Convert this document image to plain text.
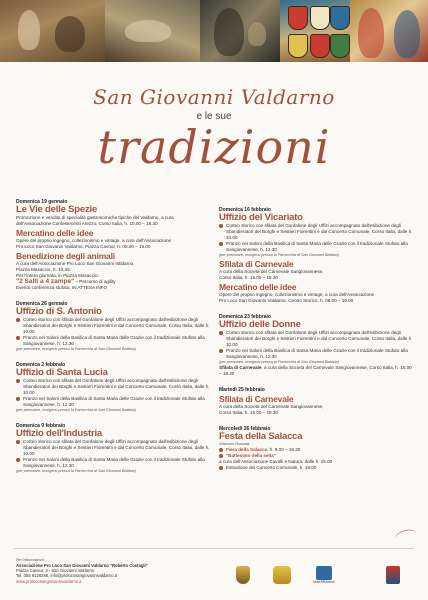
San Giovanni Valdarno
e le sue
tradizioni
Domenica 19 gennaio
Le Vie delle Spezie

Promozione e vendita di specialità gastronomiche tipiche del Valdarno, a cura

dell'Associazione Confesercenti Arezzo, Corso Italia, h. 10.00 – 18.30

Mercatino delle idee

Opere del proprio ingegno, collezionismo e vintage, a cura dell'Associazione

Pro Loco San Giovanni Valdarno, Piazza Cavour, h. 08.00 – 19.00

Benedizione degli animali

A cura dell'Associazione Pro Loco San Giovanni Valdarno,

Piazza Masaccio, h. 10.45.

Per l'intera giornata, in Piazza Masaccio:

"2 Salti a 4 zampe" – Percorso di agility

Evento conferenza stufato, IN ATTESA INFO

Domenica 26 gennaio
Uffizio di S. Antonio

Corteo storico con sfilata del Gonfalone degli Uffizi accompagnato dall'esibizione degli Sbandieratori dei Borghi e Sestieri Fiorentini e dal Concerto Comunale, Corso Italia, dalle h. 10.00

Pranzo nei Saloni della Basilica di Santa Maria delle Grazie con il tradizionale Stufato alla Sangiovannese, h. 12.30

(per prenotare, rivolgersi presso la Parrocchia di San Giovanni Battista)

Domenica 2 febbraio
Uffizio di Santa Lucia

Corteo storico con sfilata del Gonfalone degli Uffizi accompagnato dall'esibizione degli Sbandieratori dei Borghi e Sestieri Fiorentini e dal Concerto Comunale, Corso Italia, dalle h. 10.00

Pranzo nei Saloni della Basilica di Santa Maria delle Grazie con il tradizionale Stufato alla Sangiovannese, h. 12.30

(per prenotare, rivolgersi presso la Parrocchia di San Giovanni Battista)

Domenica 9 febbraio
Uffizio dell'Industria

Corteo storico con sfilata del Gonfalone degli Uffizi accompagnato dall'esibizione degli Sbandieratori dei Borghi e Sestieri Fiorentini e dal Concerto Comunale, Corso Italia, dalle h. 10.00

Pranzo nei Saloni della Basilica di Santa Maria delle Grazie con il tradizionale Stufato alla Sangiovannese, h. 12.30

(per prenotare, rivolgersi presso la Parrocchia di San Giovanni Battista)

Domenica 16 febbraio
Uffizio del Vicariato

Corteo storico con sfilata del Gonfalone degli Uffizi accompagnato dall'esibizione degli Sbandieratori dei Borghi e Sestieri Fiorentini e dal Concerto Comunale, Corso Italia, dalle h. 10.00

Pranzo nei Saloni della Basilica di Santa Maria delle Grazie con il tradizionale Stufato alla Sangiovannese, h. 12.30

(per prenotare, rivolgersi presso la Parrocchia di San Giovanni Battista)

Sfilata di Carnevale

A cura della Società del Carnevale Sangiovannese,

Corso Italia, h. 15.00 – 18.30

Mercatino delle idee

Opere del proprio ingegno, collezionismo e vintage, a cura dell'Associazione

Pro Loco San Giovanni Valdarno, Centro Storico, h. 08.00 – 19.00

Domenica 23 febbraio
Uffizio delle Donne

Corteo storico con sfilata del Gonfalone degli Uffizi accompagnato dall'esibizione degli Sbandieratori dei Borghi e Sestieri Fiorentini e dal Concerto Comunale, Corso Italia, dalle h. 10.00

Pranzo nei Saloni della Basilica di Santa Maria delle Grazie con il tradizionale Stufato alla Sangiovannese, h. 12.30

(per prenotare, rivolgersi presso la Parrocchia di San Giovanni Battista)

Sfilata di Carnevale, a cura della Società del Carnevale Sangiovannese, Corso Italia, h. 15.00 – 18.30

Martedì 25 febbraio
Sfilata di Carnevale

A cura della Società del Carnevale Sangiovannese,

Corso Italia, h. 15.00 – 18.30

Mercoledì 26 febbraio
Festa della Salacca

Giacomo Granata:

Fiera della Salacca, h. 9.00 – 19.30

"Battesimo della sella"

a cura dell'Associazione Cavalli e Natura, dalle h. 15.00

Estrazione del Concerto Comunale, h. 16.00

Per informazioni:
Associazione Pro Loco San Giovanni Valdarno "Roberto Costagli"
Piazza Cavour, 3 - San Giovanni Valdarno
Tel. 055 9126268, info@prolocosangiovannivaldarno.it
www.prolocosangiovannivaldarno.it	MineRBActive
